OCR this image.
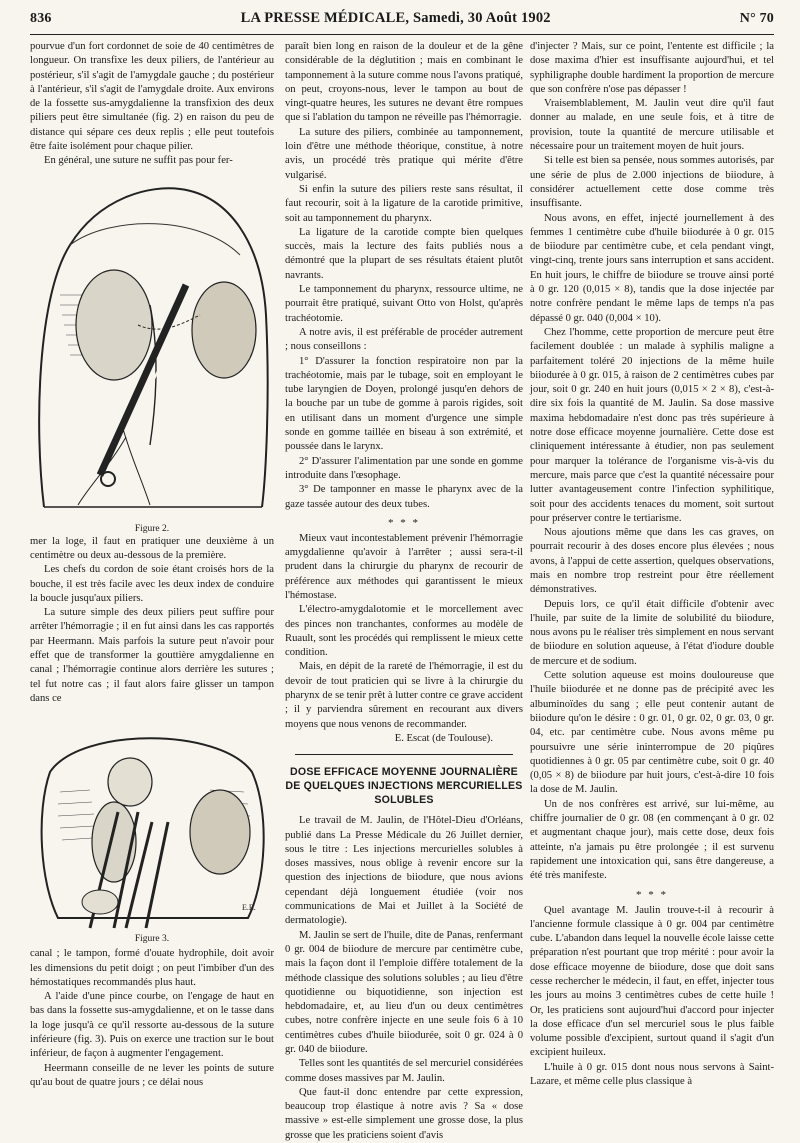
836	LA PRESSE MÉDICALE, Samedi, 30 Août 1902	N° 70

pourvue d'un fort cordonnet de soie de 40 centimètres de longueur. On transfixe les deux piliers, de l'antérieur au postérieur, s'il s'agit de l'amygdale gauche ; du postérieur à l'antérieur, s'il s'agit de l'amygdale droite. Aux environs de la fossette sus-amygdalienne la transfixion des deux piliers peut être simultanée (fig. 2) en raison du peu de distance qui sépare ces deux replis ; elle peut toutefois être faite isolément pour chaque pilier.

En général, une suture ne suffit pas pour fer-

Figure 2.

mer la loge, il faut en pratiquer une deuxième à un centimètre ou deux au-dessous de la première.

Les chefs du cordon de soie étant croisés hors de la bouche, il est très facile avec les deux index de conduire la boucle jusqu'aux piliers.

La suture simple des deux piliers peut suffire pour arrêter l'hémorragie ; il en fut ainsi dans les cas rapportés par Heermann. Mais parfois la suture peut n'avoir pour effet que de transformer la gouttière amygdalienne en canal ; l'hémorragie continue alors derrière les sutures ; tel fut notre cas ; il faut alors faire glisser un tampon dans ce

E.E.
Figure 3.

canal ; le tampon, formé d'ouate hydrophile, doit avoir les dimensions du petit doigt ; on peut l'imbiber d'un des hémostatiques recommandés plus haut.

A l'aide d'une pince courbe, on l'engage de haut en bas dans la fossette sus-amygdalienne, et on le tasse dans la loge jusqu'à ce qu'il ressorte au-dessous de la suture inférieure (fig. 3). Puis on exerce une traction sur le bout inférieur, de façon à augmenter l'engagement.

Heermann conseille de ne lever les points de suture qu'au bout de quatre jours ; ce délai nous

paraît bien long en raison de la douleur et de la gêne considérable de la déglutition ; mais en combinant le tamponnement à la suture comme nous l'avons pratiqué, on peut, croyons-nous, lever le tampon au bout de vingt-quatre heures, les sutures ne devant être rompues que si l'ablation du tampon ne réveille pas l'hémorragie.

La suture des piliers, combinée au tamponnement, loin d'être une méthode théorique, constitue, à notre avis, un procédé très pratique qui mérite d'être vulgarisé.

Si enfin la suture des piliers reste sans résultat, il faut recourir, soit à la ligature de la carotide primitive, soit au tamponnement du pharynx.

La ligature de la carotide compte bien quelques succès, mais la lecture des faits publiés nous a démontré que la plupart de ses résultats étaient plutôt navrants.

Le tamponnement du pharynx, ressource ultime, ne pourrait être pratiqué, suivant Otto von Holst, qu'après trachéotomie.

A notre avis, il est préférable de procéder autrement ; nous conseillons :

1° D'assurer la fonction respiratoire non par la trachéotomie, mais par le tubage, soit en employant le tube laryngien de Doyen, prolongé jusqu'en dehors de la bouche par un tube de gomme à parois rigides, soit en utilisant dans un moment d'urgence une simple sonde en gomme taillée en biseau à son extrémité, et poussée dans le larynx.

2° D'assurer l'alimentation par une sonde en gomme introduite dans l'œsophage.

3° De tamponner en masse le pharynx avec de la gaze tassée autour des deux tubes.

* * *

Mieux vaut incontestablement prévenir l'hémorragie amygdalienne qu'avoir à l'arrêter ; aussi sera-t-il prudent dans la chirurgie du pharynx de recourir de préférence aux méthodes qui garantissent le mieux l'hémostase.

L'électro-amygdalotomie et le morcellement avec des pinces non tranchantes, conformes au modèle de Ruault, sont les procédés qui remplissent le mieux cette condition.

Mais, en dépit de la rareté de l'hémorragie, il est du devoir de tout praticien qui se livre à la chirurgie du pharynx de se tenir prêt à lutter contre ce grave accident ; il y parviendra sûrement en recourant aux divers moyens que nous venons de recommander.

E. Escat (de Toulouse).

DOSE EFFICACE MOYENNE JOURNALIÈRE DE QUELQUES INJECTIONS MERCURIELLES SOLUBLES

Le travail de M. Jaulin, de l'Hôtel-Dieu d'Orléans, publié dans La Presse Médicale du 26 Juillet dernier, sous le titre : Les injections mercurielles solubles à doses massives, nous oblige à revenir encore sur la question des injections de biiodure, que nous avions cependant déjà longuement étudiée (voir nos communications de Mai et Juillet à la Société de dermatologie).

M. Jaulin se sert de l'huile, dite de Panas, renfermant 0 gr. 004 de biiodure de mercure par centimètre cube, mais la façon dont il l'emploie diffère totalement de la méthode classique des solutions solubles ; au lieu d'être quotidienne ou biquotidienne, son injection est hebdomadaire, et, au lieu d'un ou deux centimètres cubes, notre confrère injecte en une seule fois 6 à 10 centimètres cubes d'huile biiodurée, soit 0 gr. 024 à 0 gr. 040 de biiodure.

Telles sont les quantités de sel mercuriel considérées comme doses massives par M. Jaulin.

Que faut-il donc entendre par cette expression, beaucoup trop élastique à notre avis ? Sa « dose massive » est-elle simplement une grosse dose, la plus grosse que les praticiens soient d'avis

d'injecter ? Mais, sur ce point, l'entente est difficile ; la dose maxima d'hier est insuffisante aujourd'hui, et tel syphiligraphe double hardiment la proportion de mercure que son confrère n'ose pas dépasser !

Vraisemblablement, M. Jaulin veut dire qu'il faut donner au malade, en une seule fois, et à titre de provision, toute la quantité de mercure utilisable et nécessaire pour un traitement moyen de huit jours.

Si telle est bien sa pensée, nous sommes autorisés, par une série de plus de 2.000 injections de biiodure, à considérer actuellement cette dose comme très insuffisante.

Nous avons, en effet, injecté journellement à des femmes 1 centimètre cube d'huile biiodurée à 0 gr. 015 de biiodure par centimètre cube, et cela pendant vingt, vingt-cinq, trente jours sans interruption et sans accident. En huit jours, le chiffre de biiodure se trouve ainsi porté à 0 gr. 120 (0,015 × 8), tandis que la dose injectée par notre confrère pendant le même laps de temps n'a pas dépassé 0 gr. 040 (0,004 × 10).

Chez l'homme, cette proportion de mercure peut être facilement doublée : un malade à syphilis maligne a parfaitement toléré 20 injections de la même huile biiodurée à 0 gr. 015, à raison de 2 centimètres cubes par jour, soit 0 gr. 240 en huit jours (0,015 × 2 × 8), c'est-à-dire six fois la quantité de M. Jaulin. Sa dose massive maxima hebdomadaire n'est donc pas très supérieure à notre dose efficace moyenne journalière. Cette dose est cliniquement intéressante à étudier, non pas seulement pour marquer la tolérance de l'organisme vis-à-vis du mercure, mais parce que c'est la quantité nécessaire pour lutter avantageusement contre l'infection syphilitique, soit pour des accidents tenaces du moment, soit surtout pour préserver contre le tertiarisme.

Nous ajoutions même que dans les cas graves, on pourrait recourir à des doses encore plus élevées ; nous avons, à l'appui de cette assertion, quelques observations, mais en nombre trop restreint pour être réellement démonstratives.

Depuis lors, ce qu'il était difficile d'obtenir avec l'huile, par suite de la limite de solubilité du biiodure, nous avons pu le réaliser très simplement en nous servant de biiodure en solution aqueuse, à l'état d'iodure double de mercure et de sodium.

Cette solution aqueuse est moins douloureuse que l'huile biiodurée et ne donne pas de précipité avec les albuminoïdes du sang ; elle peut contenir autant de biiodure qu'on le désire : 0 gr. 01, 0 gr. 02, 0 gr. 03, 0 gr. 04, etc. par centimètre cube. Nous avons même pu poursuivre une série ininterrompue de 20 piqûres quotidiennes à 0 gr. 05 par centimètre cube, soit 0 gr. 40 (0,05 × 8) de biiodure par huit jours, c'est-à-dire 10 fois la dose de M. Jaulin.

Un de nos confrères est arrivé, sur lui-même, au chiffre journalier de 0 gr. 08 (en commençant à 0 gr. 02 et augmentant chaque jour), mais cette dose, deux fois atteinte, n'a jamais pu être prolongée ; il est survenu rapidement une intoxication qui, sans être dangereuse, a été très manifeste.

* * *

Quel avantage M. Jaulin trouve-t-il à recourir à l'ancienne formule classique à 0 gr. 004 par centimètre cube. L'abandon dans lequel la nouvelle école laisse cette préparation n'est pourtant que trop mérité : pour avoir la dose efficace moyenne de biiodure, dose que doit sans cesse rechercher le médecin, il faut, en effet, injecter tous les jours au moins 3 centimètres cubes de cette huile ! Or, les praticiens sont aujourd'hui d'accord pour injecter la dose efficace d'un sel mercuriel sous le plus faible volume possible d'excipient, surtout quand il s'agit d'un excipient huileux.

L'huile à 0 gr. 015 dont nous nous servons à Saint-Lazare, et même celle plus classique à
